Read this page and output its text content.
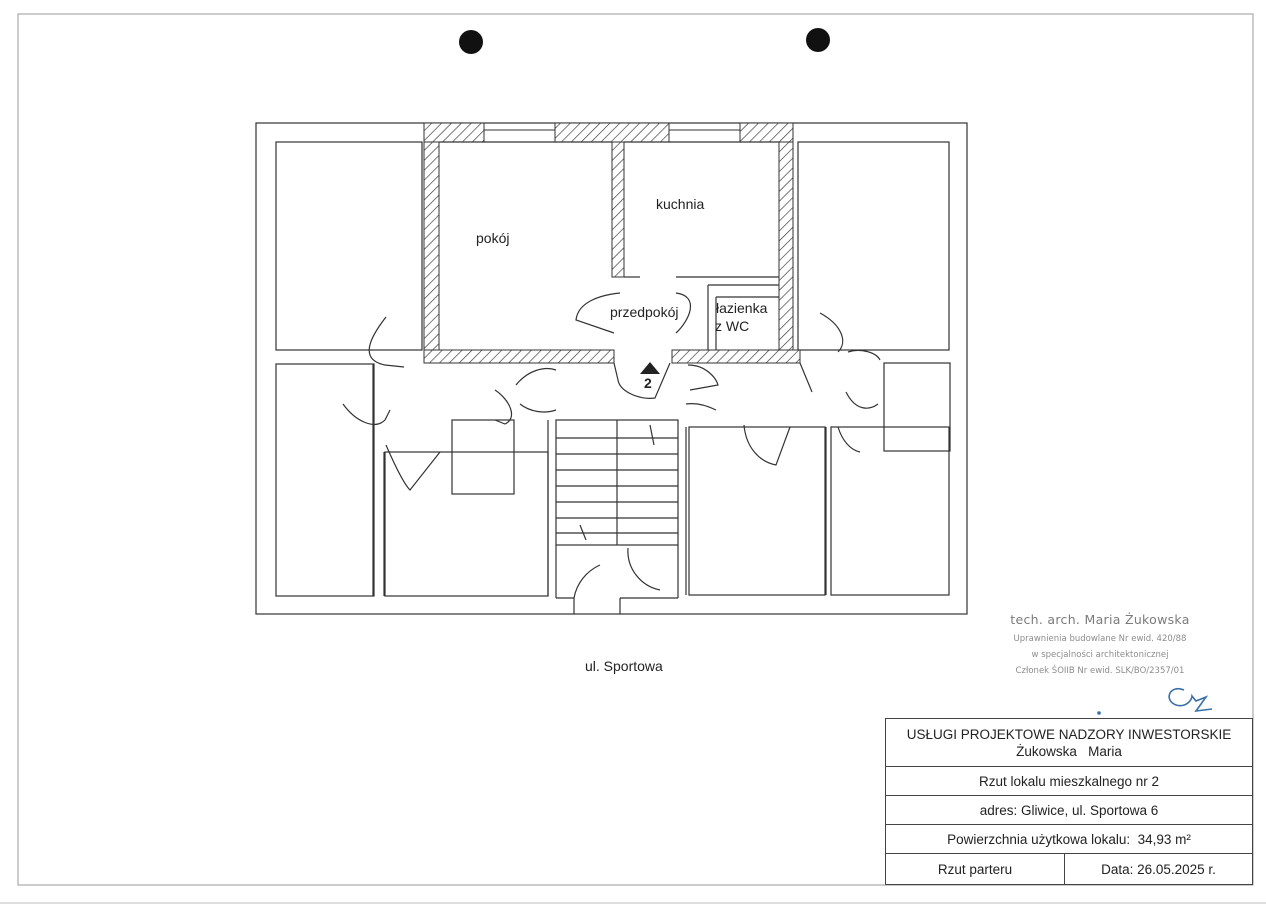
pokój
kuchnia
przedpokój	łazienka
z WC
2
ul. Sportowa
tech. arch. Maria Żukowska
Uprawnienia budowlane Nr ewid. 420/88
w specjalności architektonicznej
Członek ŚOIIB Nr ewid. SLK/BO/2357/01
USŁUGI PROJEKTOWE NADZORY INWESTORSKIE
Żukowska   Maria
Rzut lokalu mieszkalnego nr 2
adres: Gliwice, ul. Sportowa 6
Powierzchnia użytkowa lokalu:  34,93 m²
Rzut parteru	Data: 26.05.2025 r.
